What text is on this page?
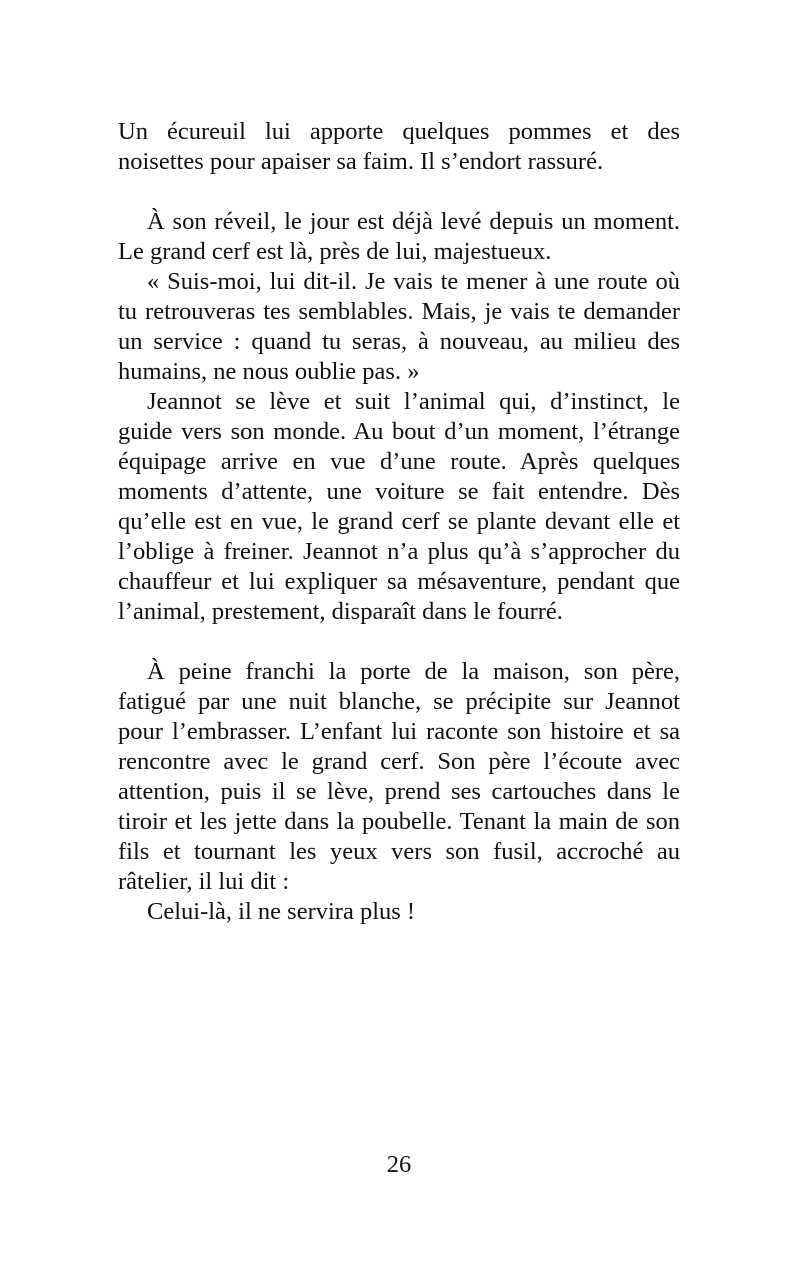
Un écureuil lui apporte quelques pommes et des noisettes pour apaiser sa faim. Il s’endort rassuré.

À son réveil, le jour est déjà levé depuis un moment. Le grand cerf est là, près de lui, majestueux.

« Suis-moi, lui dit-il. Je vais te mener à une route où tu retrouveras tes semblables. Mais, je vais te demander un service : quand tu seras, à nouveau, au milieu des humains, ne nous oublie pas. »

Jeannot se lève et suit l’animal qui, d’instinct, le guide vers son monde. Au bout d’un moment, l’étrange équipage arrive en vue d’une route. Après quelques moments d’attente, une voiture se fait entendre. Dès qu’elle est en vue, le grand cerf se plante devant elle et l’oblige à freiner. Jeannot n’a plus qu’à s’approcher du chauffeur et lui expliquer sa mésaventure, pendant que l’animal, prestement, disparaît dans le fourré.

À peine franchi la porte de la maison, son père, fatigué par une nuit blanche, se précipite sur Jeannot pour l’embrasser. L’enfant lui raconte son histoire et sa rencontre avec le grand cerf. Son père l’écoute avec attention, puis il se lève, prend ses cartouches dans le tiroir et les jette dans la poubelle. Tenant la main de son fils et tournant les yeux vers son fusil, accroché au râtelier, il lui dit :

Celui-là, il ne servira plus !

26
